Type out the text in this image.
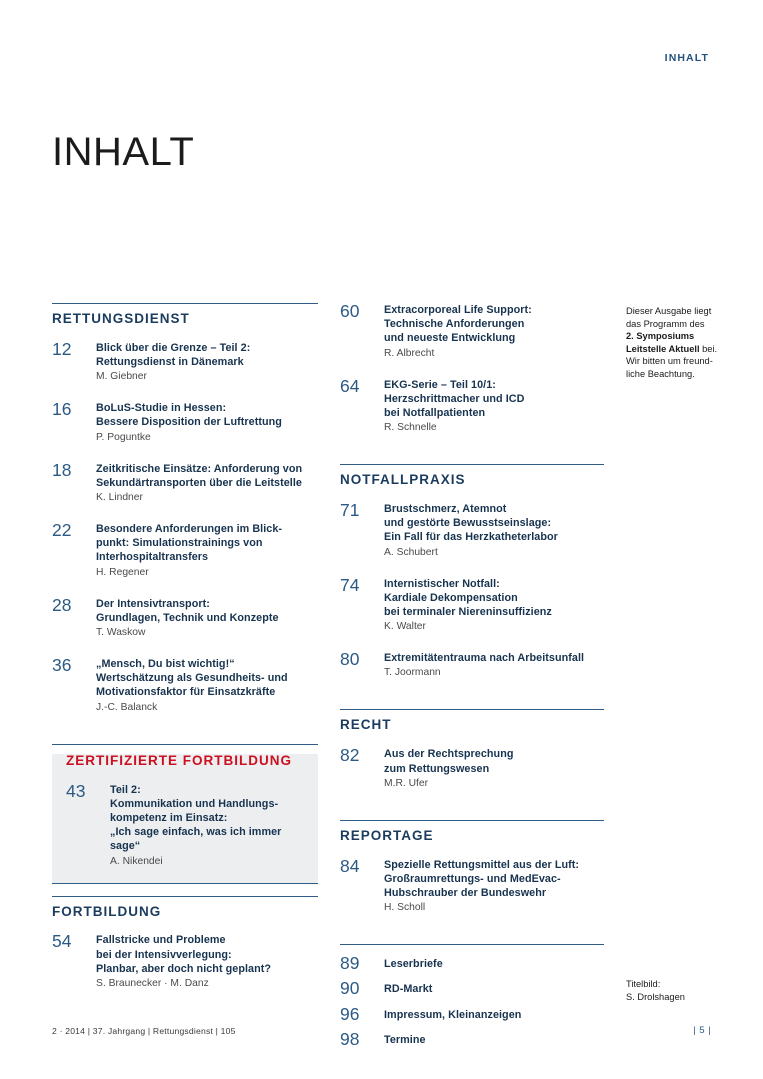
INHALT
INHALT
RETTUNGSDIENST
12	Blick über die Grenze – Teil 2:
Rettungsdienst in Dänemark
M. Giebner
16	BoLuS-Studie in Hessen:
Bessere Disposition der Luftrettung
P. Poguntke
18	Zeitkritische Einsätze: Anforderung von
Sekundärtransporten über die Leitstelle
K. Lindner
22	Besondere Anforderungen im Blick-
punkt: Simulationstrainings von
Interhospitaltransfers
H. Regener
28	Der Intensivtransport:
Grundlagen, Technik und Konzepte
T. Waskow
36	„Mensch, Du bist wichtig!“
Wertschätzung als Gesundheits- und
Motivationsfaktor für Einsatzkräfte
J.-C. Balanck
ZERTIFIZIERTE FORTBILDUNG
43	Teil 2:
Kommunikation und Handlungs-
kompetenz im Einsatz:
„Ich sage einfach, was ich immer sage“
A. Nikendei
FORTBILDUNG
54	Fallstricke und Probleme
bei der Intensivverlegung:
Planbar, aber doch nicht geplant?
S. Braunecker · M. Danz
60	Extracorporeal Life Support:
Technische Anforderungen
und neueste Entwicklung
R. Albrecht
64	EKG-Serie – Teil 10/1:
Herzschrittmacher und ICD
bei Notfallpatienten
R. Schnelle
NOTFALLPRAXIS
71	Brustschmerz, Atemnot
und gestörte Bewusstseinslage:
Ein Fall für das Herzkatheterlabor
A. Schubert
74	Internistischer Notfall:
Kardiale Dekompensation
bei terminaler Niereninsuffizienz
K. Walter
80	Extremitätentrauma nach Arbeitsunfall
T. Joormann
RECHT
82	Aus der Rechtsprechung
zum Rettungswesen
M.R. Ufer
REPORTAGE
84	Spezielle Rettungsmittel aus der Luft:
Großraumrettungs- und MedEvac-
Hubschrauber der Bundeswehr
H. Scholl
89	Leserbriefe
90	RD-Markt
96	Impressum, Kleinanzeigen
98	Termine
Dieser Ausgabe liegt
das Programm des
2. Symposiums
Leitstelle Aktuell bei.
Wir bitten um freund-
liche Beachtung.
Titelbild:
S. Drolshagen
2 · 2014 | 37. Jahrgang | Rettungsdienst | 105	| 5 |
